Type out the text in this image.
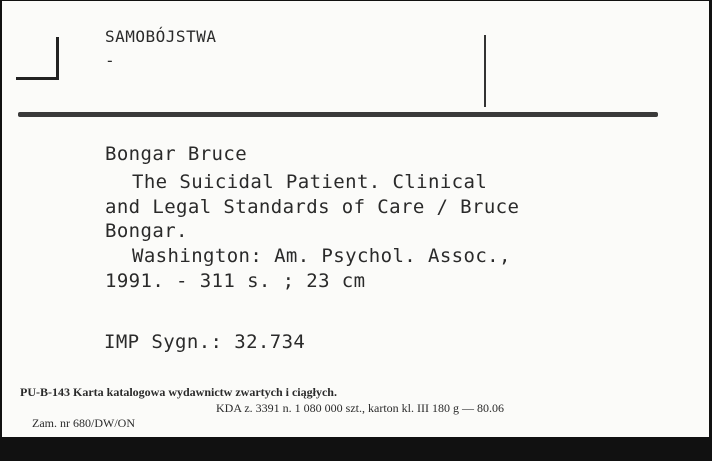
SAMOBÓJSTWA
-
Bongar Bruce
The Suicidal Patient. Clinical
and Legal Standards of Care / Bruce
Bongar.
Washington: Am. Psychol. Assoc.,
1991. - 311 s. ; 23 cm
IMP Sygn.: 32.734
PU-B-143 Karta katalogowa wydawnictw zwartych i ciągłych.

Zam. nr 680/DW/ON

KDA z. 3391 n. 1 080 000 szt., karton kl. III 180 g — 80.06
